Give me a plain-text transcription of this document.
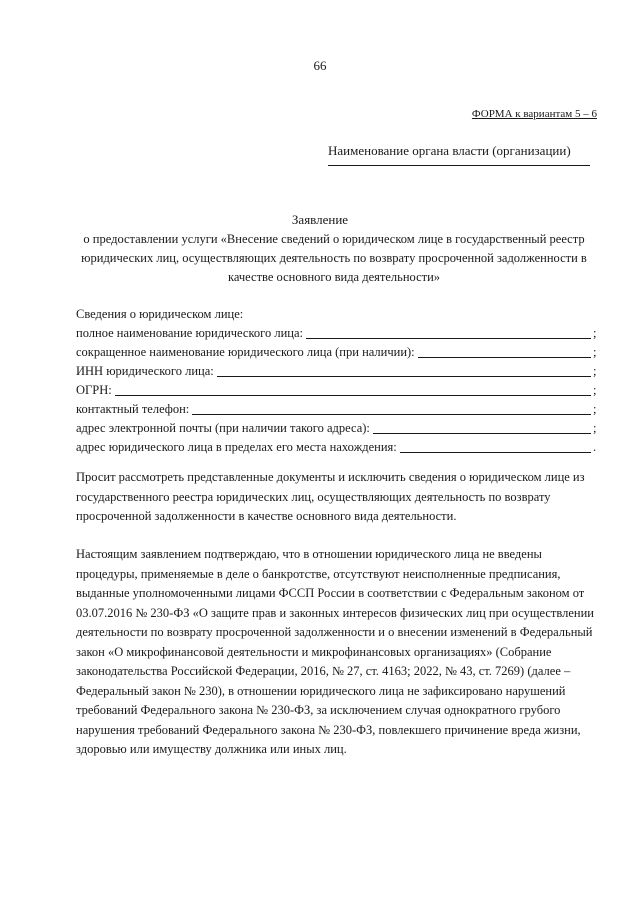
66
ФОРМА к вариантам 5 – 6
Наименование органа власти (организации)
Заявление
о предоставлении услуги «Внесение сведений о юридическом лице в государственный реестр юридических лиц, осуществляющих деятельность по возврату просроченной задолженности в качестве основного вида деятельности»
Сведения о юридическом лице:
полное наименование юридического лица:	;
сокращенное наименование юридического лица (при наличии):	;
ИНН юридического лица:	;
ОГРН:	;
контактный телефон:	;
адрес электронной почты (при наличии такого адреса):	;
адрес юридического лица в пределах его места нахождения:	.
Просит рассмотреть представленные документы и исключить сведения о юридическом лице из государственного реестра юридических лиц, осуществляющих деятельность по возврату просроченной задолженности в качестве основного вида деятельности.
Настоящим заявлением подтверждаю, что в отношении юридического лица не введены процедуры, применяемые в деле о банкротстве, отсутствуют неисполненные предписания, выданные уполномоченными лицами ФССП России в соответствии с Федеральным законом от 03.07.2016 № 230-ФЗ «О защите прав и законных интересов физических лиц при осуществлении деятельности по возврату просроченной задолженности и о внесении изменений в Федеральный закон «О микрофинансовой деятельности и микрофинансовых организациях» (Собрание законодательства Российской Федерации, 2016, № 27, ст. 4163; 2022, № 43, ст. 7269) (далее – Федеральный закон № 230), в отношении юридического лица не зафиксировано нарушений требований Федерального закона № 230-ФЗ, за исключением случая однократного грубого нарушения требований Федерального закона № 230-ФЗ, повлекшего причинение вреда жизни, здоровью или имуществу должника или иных лиц.
